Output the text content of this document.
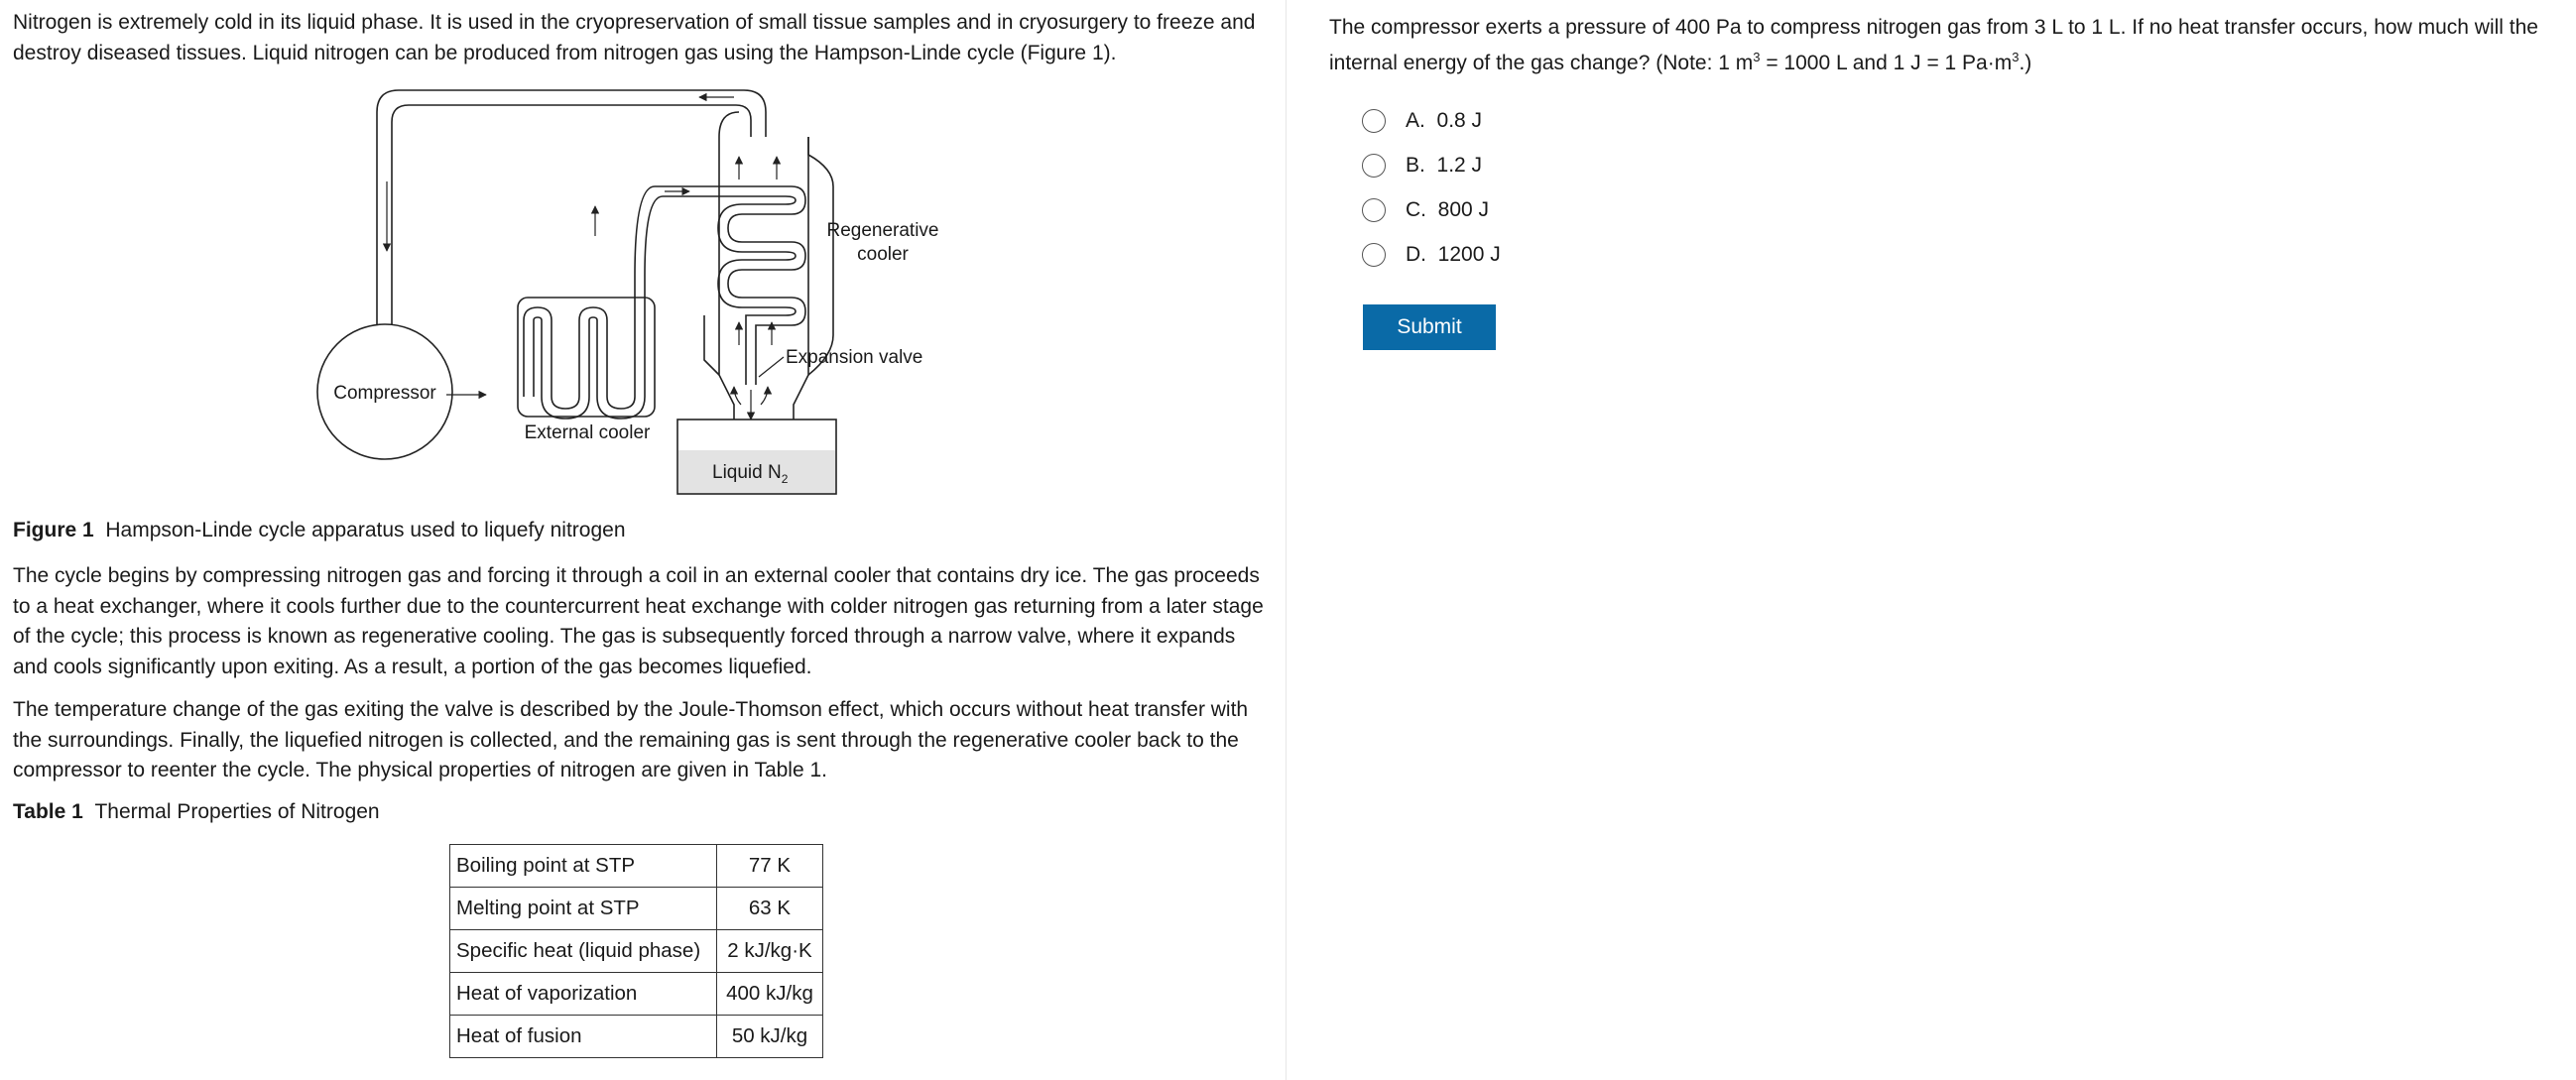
Nitrogen is extremely cold in its liquid phase. It is used in the cryopreservation of small tissue samples and in cryosurgery to freeze and destroy diseased tissues. Liquid nitrogen can be produced from nitrogen gas using the Hampson-Linde cycle (Figure 1).

Compressor
External cooler
Regenerative
cooler
Expansion valve
Liquid $N_2$

Figure 1 Hampson-Linde cycle apparatus used to liquefy nitrogen

The cycle begins by compressing nitrogen gas and forcing it through a coil in an external cooler that contains dry ice. The gas proceeds to a heat exchanger, where it cools further due to the countercurrent heat exchange with colder nitrogen gas returning from a later stage of the cycle; this process is known as regenerative cooling. The gas is subsequently forced through a narrow valve, where it expands and cools significantly upon exiting. As a result, a portion of the gas becomes liquefied.

The temperature change of the gas exiting the valve is described by the Joule-Thomson effect, which occurs without heat transfer with the surroundings. Finally, the liquefied nitrogen is collected, and the remaining gas is sent through the regenerative cooler back to the compressor to reenter the cycle. The physical properties of nitrogen are given in Table 1.

Table 1 Thermal Properties of Nitrogen

Boiling point at STP	77 K
Melting point at STP	63 K
Specific heat (liquid phase)	2 kJ/kg·K
Heat of vaporization	400 kJ/kg
Heat of fusion	50 kJ/kg

The compressor exerts a pressure of 400 Pa to compress nitrogen gas from 3 L to 1 L. If no heat transfer occurs, how much will the internal energy of the gas change? (Note: 1 $m^3 = 1000$ L and 1 J = 1 $Pa\cdot m^3$.)

A.
0.8 J
B.
1.2 J
C.
800 J
D.
1200 J
Submit
